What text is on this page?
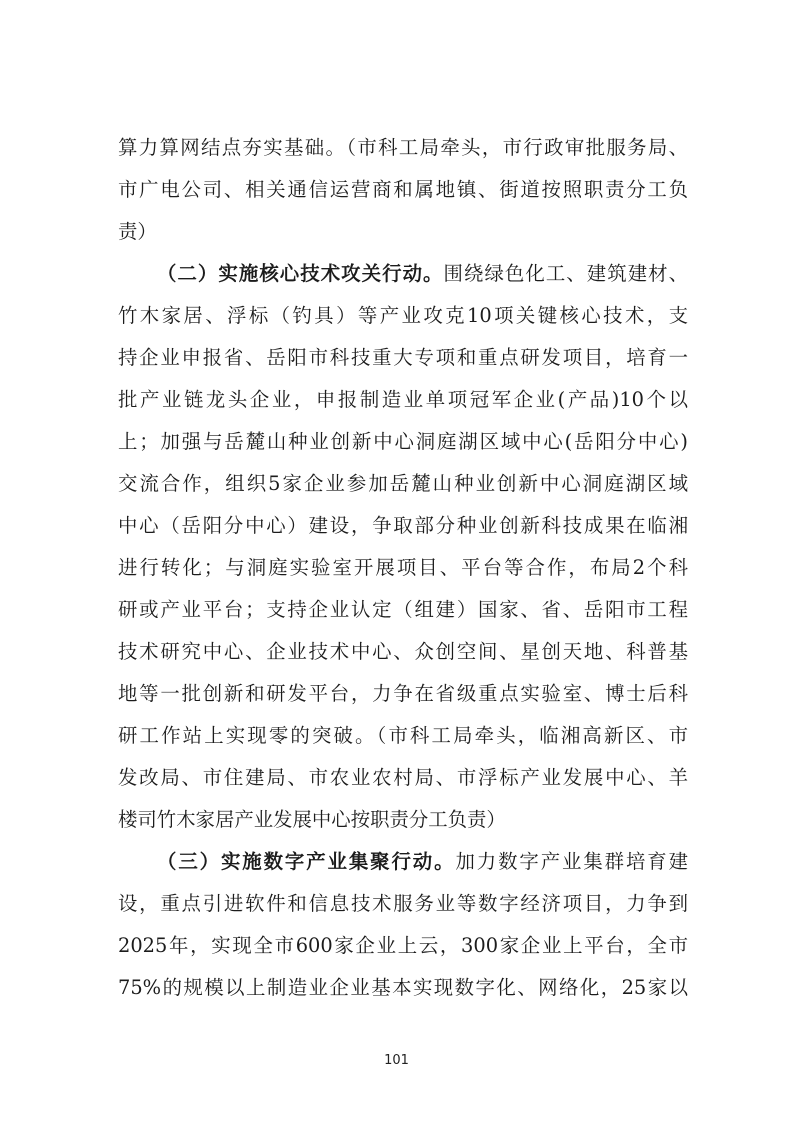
算力算网结点夯实基础。（市科工局牵头，市行政审批服务局、
市广电公司、相关通信运营商和属地镇、街道按照职责分工负
责）
（二）实施核心技术攻关行动。围绕绿色化工、建筑建材、
竹木家居、浮标（钓具）等产业攻克10项关键核心技术，支
持企业申报省、岳阳市科技重大专项和重点研发项目，培育一
批产业链龙头企业，申报制造业单项冠军企业(产品)10个以
上；加强与岳麓山种业创新中心洞庭湖区域中心(岳阳分中心)
交流合作，组织5家企业参加岳麓山种业创新中心洞庭湖区域
中心（岳阳分中心）建设，争取部分种业创新科技成果在临湘
进行转化；与洞庭实验室开展项目、平台等合作，布局2个科
研或产业平台；支持企业认定（组建）国家、省、岳阳市工程
技术研究中心、企业技术中心、众创空间、星创天地、科普基
地等一批创新和研发平台，力争在省级重点实验室、博士后科
研工作站上实现零的突破。（市科工局牵头，临湘高新区、市
发改局、市住建局、市农业农村局、市浮标产业发展中心、羊
楼司竹木家居产业发展中心按职责分工负责）
（三）实施数字产业集聚行动。加力数字产业集群培育建
设，重点引进软件和信息技术服务业等数字经济项目，力争到
2025年，实现全市600家企业上云，300家企业上平台，全市
75%的规模以上制造业企业基本实现数字化、网络化，25家以
101
